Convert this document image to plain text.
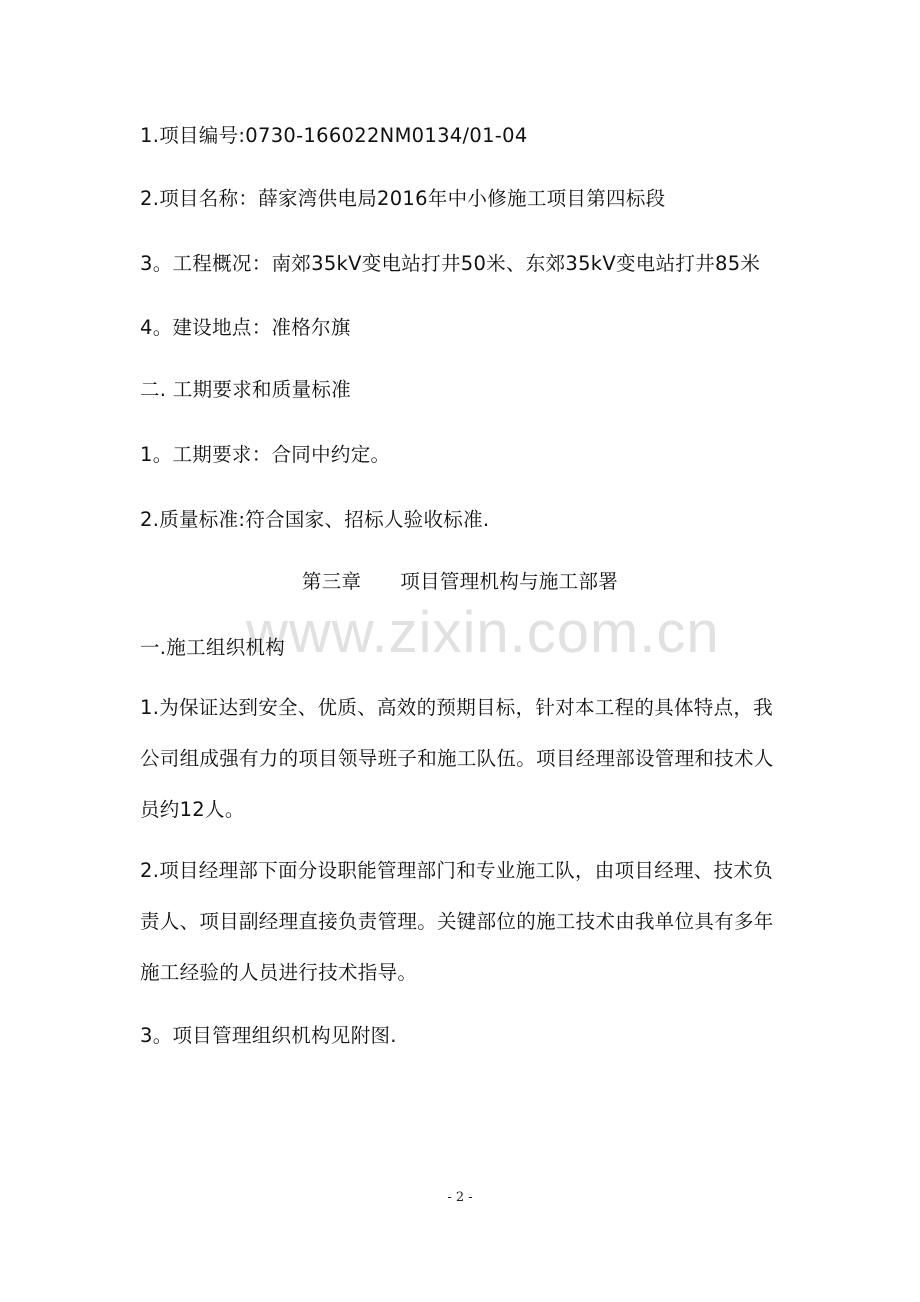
1.项目编号:0730-166022NM0134/01-04
2.项目名称：薛家湾供电局2016年中小修施工项目第四标段
3。工程概况：南郊35kV变电站打井50米、东郊35kV变电站打井85米
4。建设地点：准格尔旗
二. 工期要求和质量标准
1。工期要求：合同中约定。
2.质量标准:符合国家、招标人验收标准.
第三章      项目管理机构与施工部署
www.zixin.com.cn
一.施工组织机构
1.为保证达到安全、优质、高效的预期目标，针对本工程的具体特点，我
公司组成强有力的项目领导班子和施工队伍。项目经理部设管理和技术人
员约12人。
2.项目经理部下面分设职能管理部门和专业施工队，由项目经理、技术负
责人、项目副经理直接负责管理。关键部位的施工技术由我单位具有多年
施工经验的人员进行技术指导。
3。项目管理组织机构见附图.
- 2 -
